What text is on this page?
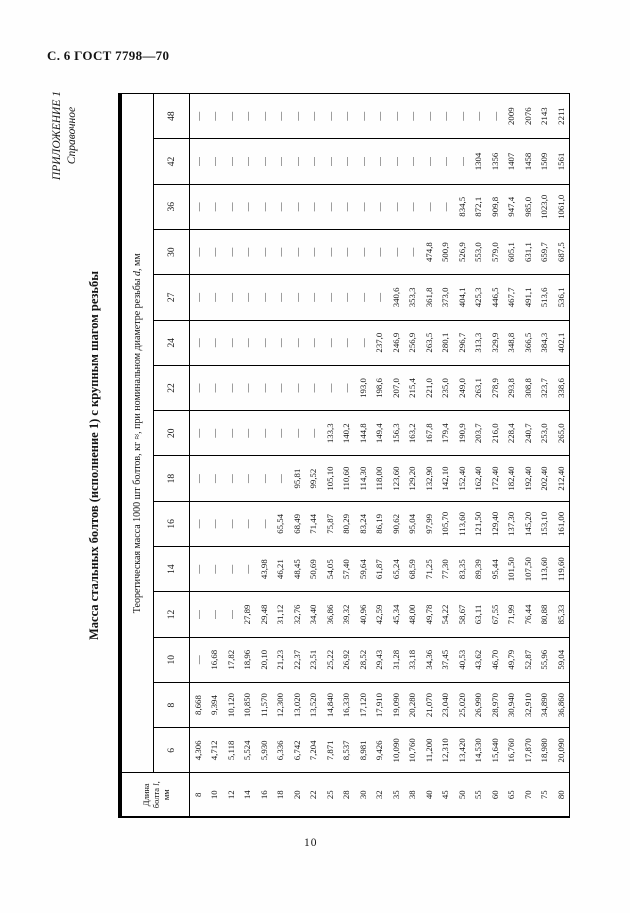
С. 6 ГОСТ 7798—70
ПРИЛОЖЕНИЕ 1 Справочное
Масса стальных болтов (исполнение 1) с крупным шагом резьбы
Длина
болта l,
мм	Теоретическая масса 1000 шт болтов, кг ≈, при номинальном диаметре резьбы d, мм														
	6	8	10	12	14	16	18	20	22	24	27	30	36	42	48
8	4,306	8,668	—	—	—	—	—	—	—	—	—	—	—	—	—
10	4,712	9,394	16,68	—	—	—	—	—	—	—	—	—	—	—	—
12	5,118	10,120	17,82	—	—	—	—	—	—	—	—	—	—	—	—
14	5,524	10,850	18,96	27,89	—	—	—	—	—	—	—	—	—	—	—
16	5,930	11,570	20,10	29,48	43,98	—	—	—	—	—	—	—	—	—	—
18	6,336	12,300	21,23	31,12	46,21	65,54	—	—	—	—	—	—	—	—	—
20	6,742	13,020	22,37	32,76	48,45	68,49	95,81	—	—	—	—	—	—	—	—
22	7,204	13,520	23,51	34,40	50,69	71,44	99,52	—	—	—	—	—	—	—	—
25	7,871	14,840	25,22	36,86	54,05	75,87	105,10	133,3	—	—	—	—	—	—	—
28	8,537	16,330	26,92	39,32	57,40	80,29	110,60	140,2	—	—	—	—	—	—	—
30	8,981	17,120	28,52	40,96	59,64	83,24	114,30	144,8	193,0	—	—	—	—	—	—
32	9,426	17,910	29,43	42,59	61,87	86,19	118,00	149,4	198,6	237,0	—	—	—	—	—
35	10,090	19,090	31,28	45,34	65,24	90,62	123,60	156,3	207,0	246,9	340,6	—	—	—	—
38	10,760	20,280	33,18	48,00	68,59	95,04	129,20	163,2	215,4	256,9	353,3	—	—	—	—
40	11,200	21,070	34,36	49,78	71,25	97,99	132,90	167,8	221,0	263,5	361,8	474,8	—	—	—
45	12,310	23,040	37,45	54,22	77,30	105,70	142,10	179,4	235,0	280,1	373,0	500,9	—	—	—
50	13,420	25,020	40,53	58,67	83,35	113,60	152,40	190,9	249,0	296,7	404,1	526,9	834,5	—	—
55	14,530	26,990	43,62	63,11	89,39	121,50	162,40	203,7	263,1	313,3	425,3	553,0	872,1	1304	—
60	15,640	28,970	46,70	67,55	95,44	129,40	172,40	216,0	278,9	329,9	446,5	579,0	909,8	1356	—
65	16,760	30,940	49,79	71,99	101,50	137,30	182,40	228,4	293,8	348,8	467,7	605,1	947,4	1407	2009
70	17,870	32,910	52,87	76,44	107,50	145,20	192,40	240,7	308,8	366,5	491,1	631,1	985,0	1458	2076
75	18,980	34,890	55,96	80,88	113,60	153,10	202,40	253,0	323,7	384,3	513,6	659,7	1023,0	1509	2143
80	20,090	36,860	59,04	85,33	119,60	161,00	212,40	265,0	338,6	402,1	536,1	687,5	1061,0	1561	2211
10
